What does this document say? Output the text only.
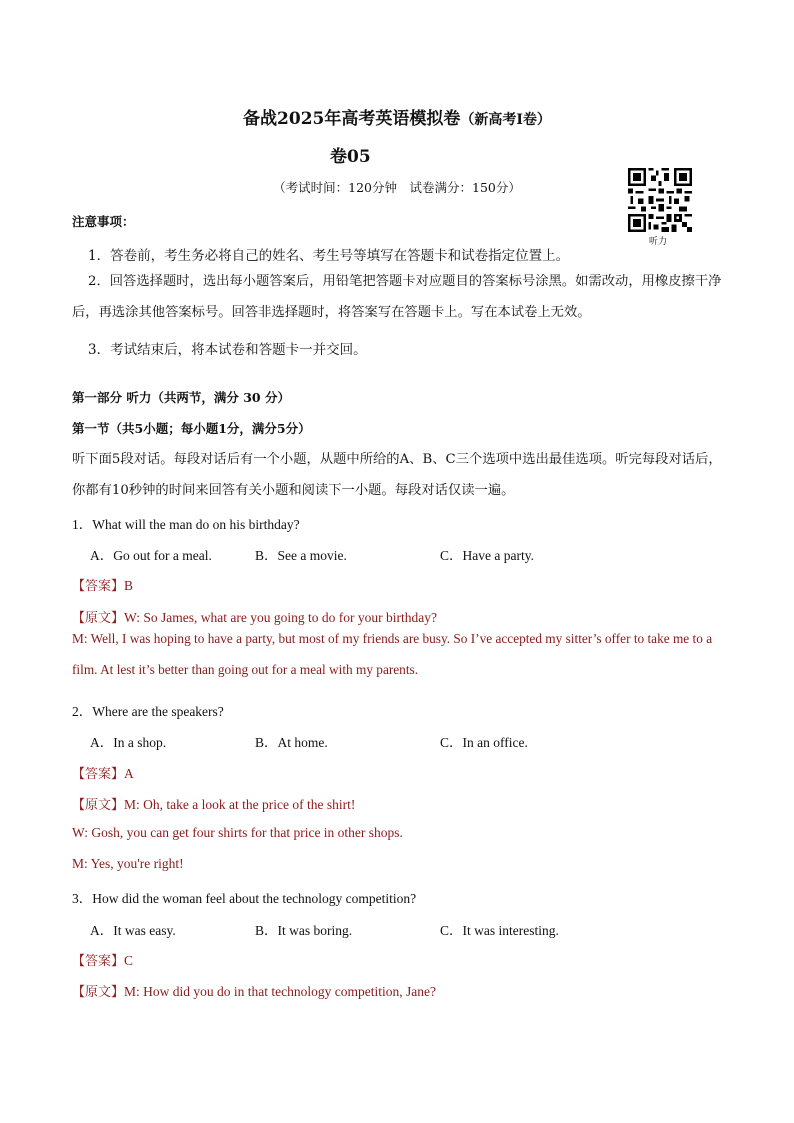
备战2025年高考英语模拟卷（新高考I卷）
卷05
（考试时间：120分钟　试卷满分：150分）
听力
注意事项：
1．答卷前，考生务必将自己的姓名、考生号等填写在答题卡和试卷指定位置上。
2．回答选择题时，选出每小题答案后，用铅笔把答题卡对应题目的答案标号涂黑。如需改动，用橡皮擦干净后，再选涂其他答案标号。回答非选择题时，将答案写在答题卡上。写在本试卷上无效。
3．考试结束后，将本试卷和答题卡一并交回。
第一部分 听力（共两节，满分 30 分）
第一节（共5小题；每小题1分，满分5分）
听下面5段对话。每段对话后有一个小题，从题中所给的A、B、C三个选项中选出最佳选项。听完每段对话后，你都有10秒钟的时间来回答有关小题和阅读下一小题。每段对话仅读一遍。
1．What will the man do on his birthday?
A．Go out for a meal.	B．See a movie.	C．Have a party.
【答案】B
【原文】W: So James, what are you going to do for your birthday?
M: Well, I was hoping to have a party, but most of my friends are busy. So I’ve accepted my sitter’s offer to take me to a film. At lest it’s better than going out for a meal with my parents.
2．Where are the speakers?
A．In a shop.	B．At home.	C．In an office.
【答案】A
【原文】M: Oh, take a look at the price of the shirt!
W: Gosh, you can get four shirts for that price in other shops.
M: Yes, you're right!
3．How did the woman feel about the technology competition?
A．It was easy.	B．It was boring.	C．It was interesting.
【答案】C
【原文】M: How did you do in that technology competition, Jane?
